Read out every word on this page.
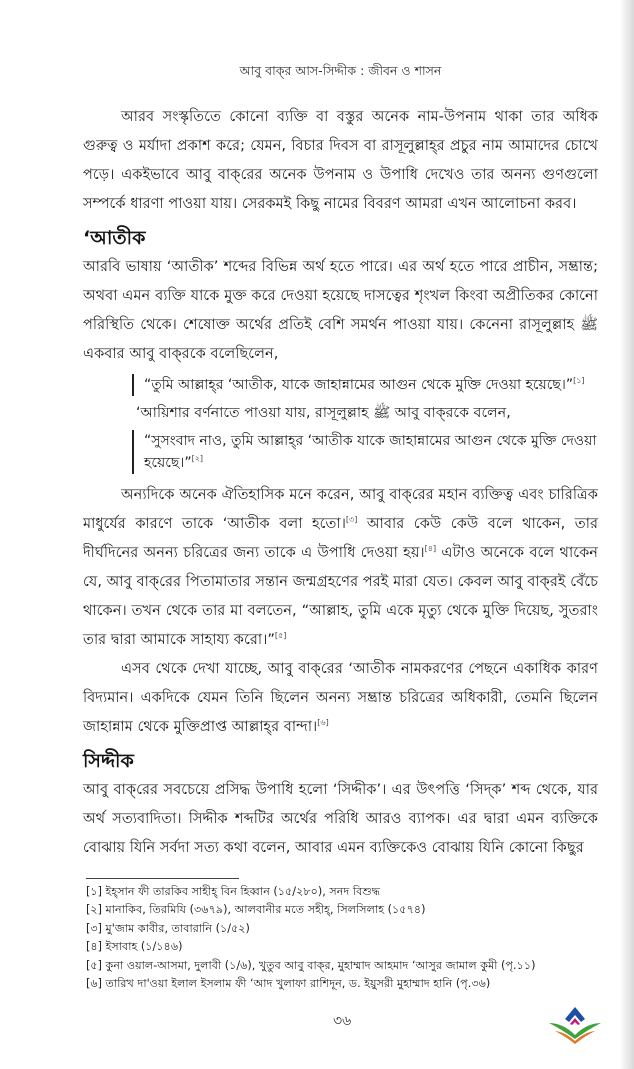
আবু বাক্‌র আস-সিদ্দীক : জীবন ও শাসন

আরব সংস্কৃতিতে কোনো ব্যক্তি বা বস্তুর অনেক নাম-উপনাম থাকা তার অধিক গুরুত্ব ও মর্যাদা প্রকাশ করে; যেমন, বিচার দিবস বা রাসূলুল্লাহ্‌র প্রচুর নাম আমাদের চোখে পড়ে। একইভাবে আবু বাক্‌রের অনেক উপনাম ও উপাধি দেখেও তার অনন্য গুণগুলো সম্পর্কে ধারণা পাওয়া যায়। সেরকমই কিছু নামের বিবরণ আমরা এখন আলোচনা করব।

‘আতীক

আরবি ভাষায় ‘আতীক’ শব্দের বিভিন্ন অর্থ হতে পারে। এর অর্থ হতে পারে প্রাচীন, সম্ভ্রান্ত; অথবা এমন ব্যক্তি যাকে মুক্ত করে দেওয়া হয়েছে দাসত্বের শৃংখল কিংবা অপ্রীতিকর কোনো পরিস্থিতি থেকে। শেষোক্ত অর্থের প্রতিই বেশি সমর্থন পাওয়া যায়। কেনেনা রাসূলুল্লাহ ﷺ একবার আবু বাক্‌রকে বলেছিলেন,

“তুমি আল্লাহ্‌র ‘আতীক, যাকে জাহান্নামের আগুন থেকে মুক্তি দেওয়া হয়েছে।”[১]
‘আয়িশার বর্ণনাতে পাওয়া যায়, রাসূলুল্লাহ ﷺ আবু বাক্‌রকে বলেন,
“সুসংবাদ নাও, তুমি আল্লাহ্‌র ‘আতীক যাকে জাহান্নামের আগুন থেকে মুক্তি দেওয়া হয়েছে।”[২]

অন্যদিকে অনেক ঐতিহাসিক মনে করেন, আবু বাক্‌রের মহান ব্যক্তিত্ব এবং চারিত্রিক মাধুর্যের কারণে তাকে ‘আতীক বলা হতো।[৩] আবার কেউ কেউ বলে থাকেন, তার দীর্ঘদিনের অনন্য চরিত্রের জন্য তাকে এ উপাধি দেওয়া হয়।[৪] এটাও অনেকে বলে থাকেন যে, আবু বাক্‌রের পিতামাতার সন্তান জন্মগ্রহণের পরই মারা যেত। কেবল আবু বাক্‌রই বেঁচে থাকেন। তখন থেকে তার মা বলতেন, “আল্লাহ, তুমি একে মৃত্যু থেকে মুক্তি দিয়েছ, সুতরাং তার দ্বারা আমাকে সাহায্য করো।”[৫]

এসব থেকে দেখা যাচ্ছে, আবু বাক্‌রের ‘আতীক নামকরণের পেছনে একাধিক কারণ বিদ্যমান। একদিকে যেমন তিনি ছিলেন অনন্য সম্ভ্রান্ত চরিত্রের অধিকারী, তেমনি ছিলেন জাহান্নাম থেকে মুক্তিপ্রাপ্ত আল্লাহ্‌র বান্দা।[৬]

সিদ্দীক

আবু বাক্‌রের সবচেয়ে প্রসিদ্ধ উপাধি হলো ‘সিদ্দীক’। এর উৎপত্তি ‘সিদ্‌ক’ শব্দ থেকে, যার অর্থ সত্যবাদিতা। সিদ্দীক শব্দটির অর্থের পরিধি আরও ব্যাপক। এর দ্বারা এমন ব্যক্তিকে বোঝায় যিনি সর্বদা সত্য কথা বলেন, আবার এমন ব্যক্তিকেও বোঝায় যিনি কোনো কিছুর

[১] ইহ্‌সান ফী তারকিব সাহীহ্‌ বিন হিব্বান (১৫/২৮০), সনদ বিশুদ্ধ
[২] মানাকিব, তিরমিযি (৩৬৭৯), আলবানীর মতে সহীহ্‌, সিলসিলাহ (১৫৭৪)
[৩] মু'জাম কাবীর, তাবারানি (১/৫২)
[৪] ইসাবাহ (১/১৪৬)
[৫] কুনা ওয়াল-আসমা, দুলাবী (১/৬), খুতুব আবু বাক্‌র, মুহাম্মাদ আহমাদ ‘আসুর জামাল কুমী (পৃ.১১)
[৬] তারিখ দা'ওয়া ইলাল ইসলাম ফী ‘আদ খুলাফা রাশিদূন, ড. ইয়ুসরী মুহাম্মাদ হানি (পৃ.৩৬)
৩৬
